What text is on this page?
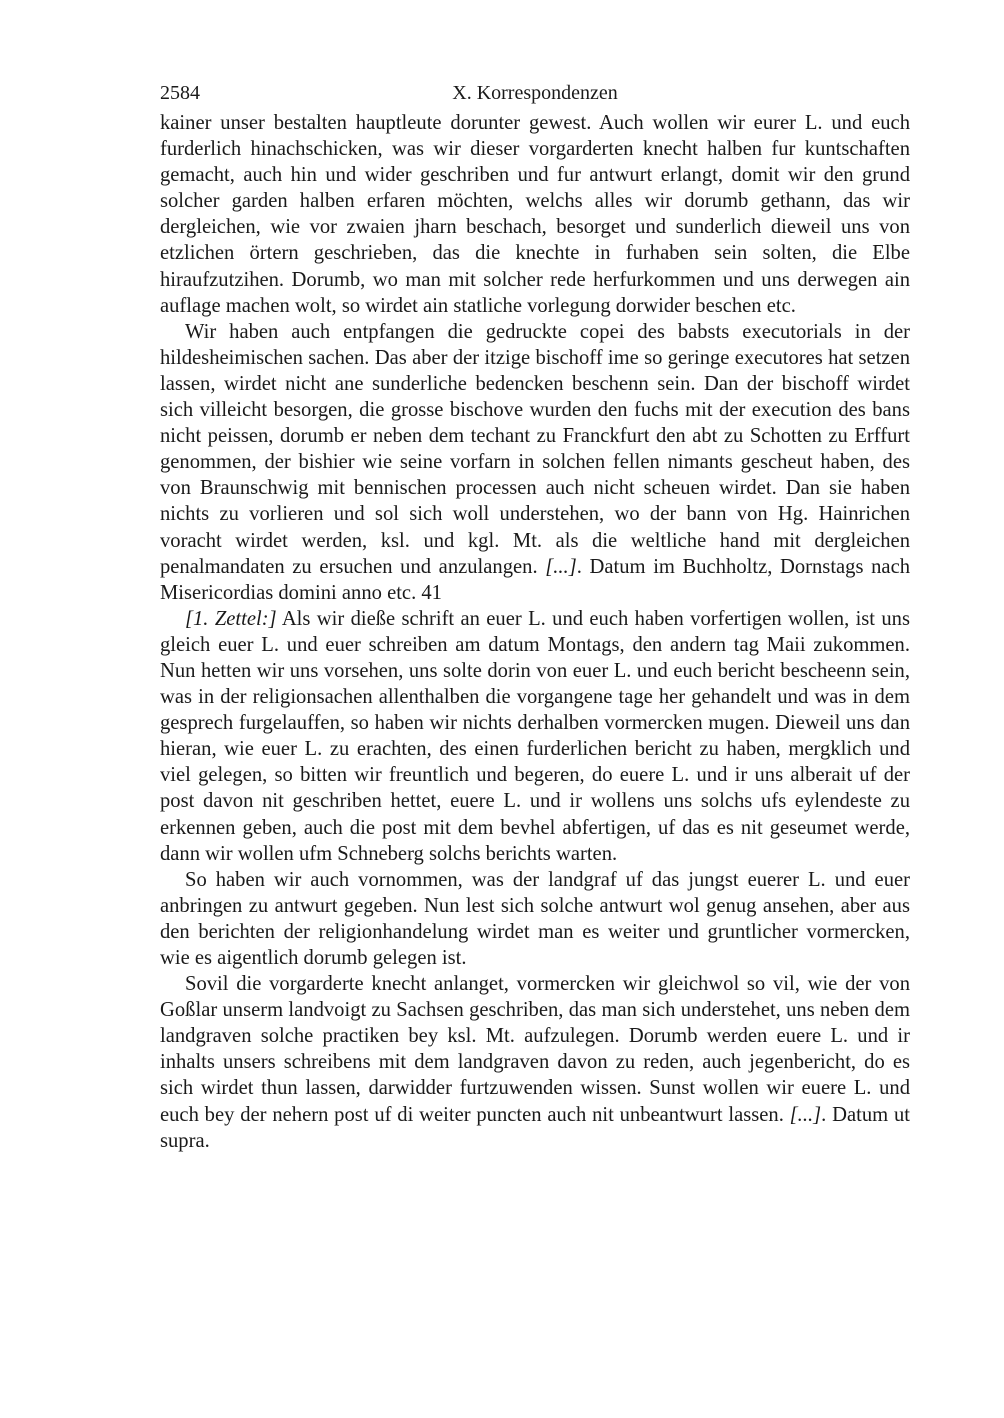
2584	X. Korrespondenzen

kainer unser bestalten hauptleute dorunter gewest. Auch wollen wir eurer L. und euch furderlich hinachschicken, was wir dieser vorgarderten knecht halben fur kuntschaften gemacht, auch hin und wider geschriben und fur antwurt erlangt, domit wir den grund solcher garden halben erfaren möchten, welchs alles wir dorumb gethann, das wir dergleichen, wie vor zwaien jharn beschach, besorget und sunderlich dieweil uns von etzlichen örtern geschrieben, das die knechte in furhaben sein solten, die Elbe hiraufzutzihen. Dorumb, wo man mit solcher rede herfurkommen und uns derwegen ain auflage machen wolt, so wirdet ain statliche vorlegung dorwider beschen etc.

Wir haben auch entpfangen die gedruckte copei des babsts executorials in der hildesheimischen sachen. Das aber der itzige bischoff ime so geringe executores hat setzen lassen, wirdet nicht ane sunderliche bedencken beschenn sein. Dan der bischoff wirdet sich villeicht besorgen, die grosse bischove wurden den fuchs mit der execution des bans nicht peissen, dorumb er neben dem techant zu Franckfurt den abt zu Schotten zu Erffurt genommen, der bishier wie seine vorfarn in solchen fellen nimants gescheut haben, des von Braunschwig mit bennischen processen auch nicht scheuen wirdet. Dan sie haben nichts zu vorlieren und sol sich woll understehen, wo der bann von Hg. Hainrichen voracht wirdet werden, ksl. und kgl. Mt. als die weltliche hand mit dergleichen penalmandaten zu ersuchen und anzulangen. [...]. Datum im Buchholtz, Dornstags nach Misericordias domini anno etc. 41

[1. Zettel:] Als wir dieße schrift an euer L. und euch haben vorfertigen wollen, ist uns gleich euer L. und euer schreiben am datum Montags, den andern tag Maii zukommen. Nun hetten wir uns vorsehen, uns solte dorin von euer L. und euch bericht bescheenn sein, was in der religionsachen allenthalben die vorgangene tage her gehandelt und was in dem gesprech furgelauffen, so haben wir nichts derhalben vormercken mugen. Dieweil uns dan hieran, wie euer L. zu erachten, des einen furderlichen bericht zu haben, mergklich und viel gelegen, so bitten wir freuntlich und begeren, do euere L. und ir uns alberait uf der post davon nit geschriben hettet, euere L. und ir wollens uns solchs ufs eylendeste zu erkennen geben, auch die post mit dem bevhel abfertigen, uf das es nit geseumet werde, dann wir wollen ufm Schneberg solchs berichts warten.

So haben wir auch vornommen, was der landgraf uf das jungst euerer L. und euer anbringen zu antwurt gegeben. Nun lest sich solche antwurt wol genug ansehen, aber aus den berichten der religionhandelung wirdet man es weiter und gruntlicher vormercken, wie es aigentlich dorumb gelegen ist.

Sovil die vorgarderte knecht anlanget, vormercken wir gleichwol so vil, wie der von Goßlar unserm landvoigt zu Sachsen geschriben, das man sich understehet, uns neben dem landgraven solche practiken bey ksl. Mt. aufzulegen. Dorumb werden euere L. und ir inhalts unsers schreibens mit dem landgraven davon zu reden, auch jegenbericht, do es sich wirdet thun lassen, darwidder furtzuwenden wissen. Sunst wollen wir euere L. und euch bey der nehern post uf di weiter puncten auch nit unbeantwurt lassen. [...]. Datum ut supra.
